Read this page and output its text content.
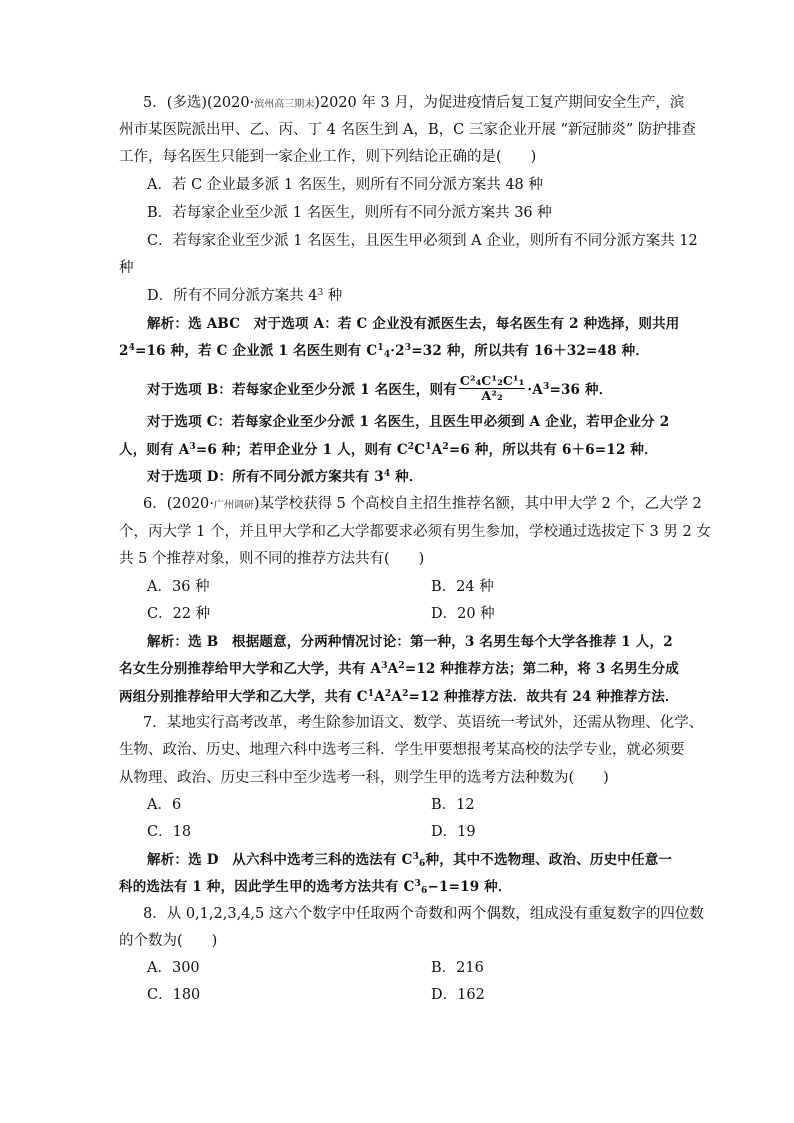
5．(多选)(2020·滨州高三期末)2020 年 3 月，为促进疫情后复工复产期间安全生产，滨
州市某医院派出甲、乙、丙、丁 4 名医生到 A，B，C 三家企业开展 “新冠肺炎” 防护排查
工作，每名医生只能到一家企业工作，则下列结论正确的是(　　)
A．若 C 企业最多派 1 名医生，则所有不同分派方案共 48 种
B．若每家企业至少派 1 名医生，则所有不同分派方案共 36 种
C．若每家企业至少派 1 名医生，且医生甲必须到 A 企业，则所有不同分派方案共 12
种
D．所有不同分派方案共 $4^3$ 种
解析：选 ABC　对于选项 A：若 C 企业没有派医生去，每名医生有 2 种选择，则共用
$2^4=16$ 种，若 C 企业派 1 名医生则有 $C^1_4\cdot 2^3=32$ 种，所以共有 16＋32=48 种．
对于选项 B：若每家企业至少分派 1 名医生，则有 $\frac{\text{C²₄C¹₂C¹₁}}{\text{A²₂}} \cdot A^3=36$ 种．
对于选项 C：若每家企业至少分派 1 名医生，且医生甲必须到 A 企业，若甲企业分 2
人，则有 $A^3=6$ 种；若甲企业分 1 人，则有 $C^2C^1A^2=6$ 种，所以共有 6＋6=12 种．
对于选项 D：所有不同分派方案共有 $3^4$ 种．
6．(2020·广州调研)某学校获得 5 个高校自主招生推荐名额，其中甲大学 2 个，乙大学 2
个，丙大学 1 个，并且甲大学和乙大学都要求必须有男生参加，学校通过选拔定下 3 男 2 女
共 5 个推荐对象，则不同的推荐方法共有(　　)
A．36 种	B．24 种
C．22 种	D．20 种
解析：选 B　根据题意，分两种情况讨论：第一种，3 名男生每个大学各推荐 1 人，2
名女生分别推荐给甲大学和乙大学，共有 $A^3A^2=12$ 种推荐方法；第二种，将 3 名男生分成
两组分别推荐给甲大学和乙大学，共有 $C^1A^2A^2=12$ 种推荐方法．故共有 24 种推荐方法．
7．某地实行高考改革，考生除参加语文、数学、英语统一考试外，还需从物理、化学、
生物、政治、历史、地理六科中选考三科．学生甲要想报考某高校的法学专业，就必须要
从物理、政治、历史三科中至少选考一科，则学生甲的选考方法种数为(　　)
A．6	B．12
C．18	D．19
解析：选 D　从六科中选考三科的选法有 $C^3_6$种，其中不选物理、政治、历史中任意一
科的选法有 1 种，因此学生甲的选考方法共有 $C^3_6-1=19$ 种．
8．从 0,1,2,3,4,5 这六个数字中任取两个奇数和两个偶数，组成没有重复数字的四位数
的个数为(　　)
A．300	B．216
C．180	D．162
